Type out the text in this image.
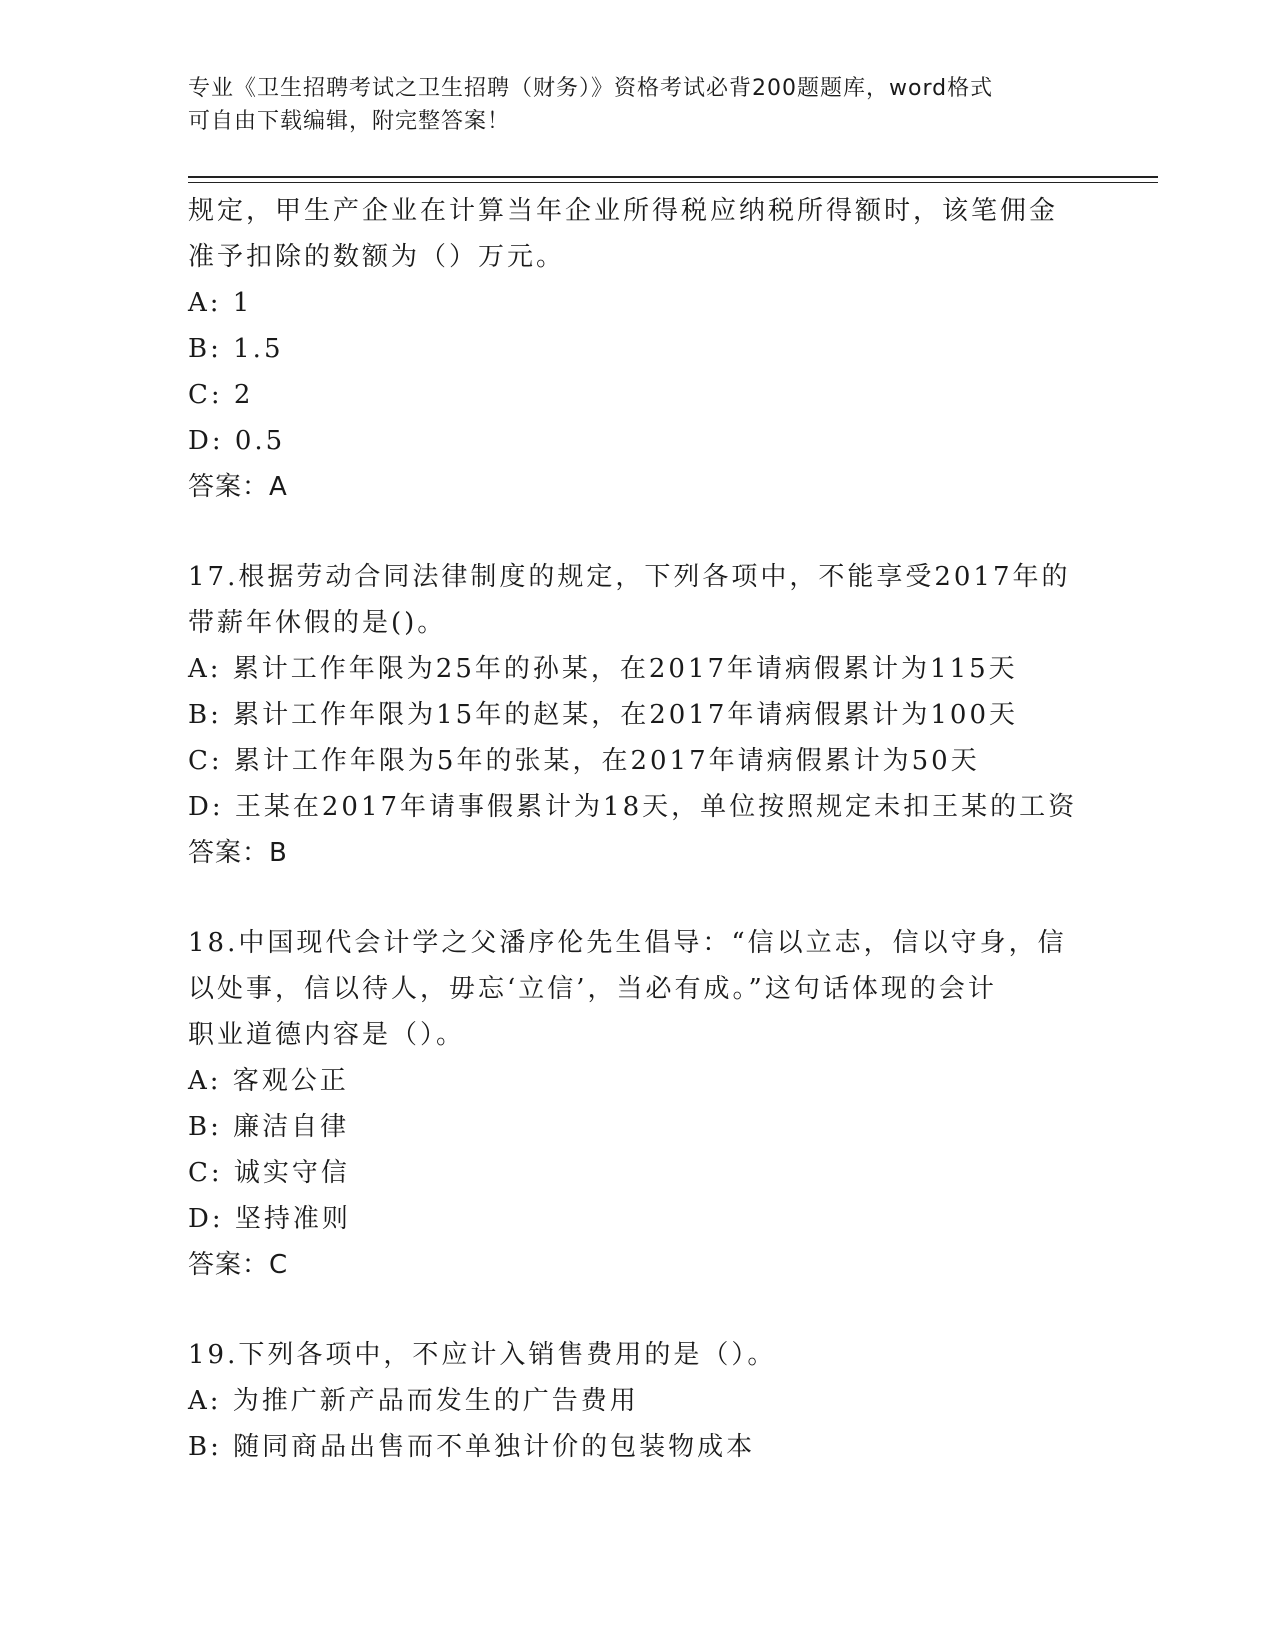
专业《卫生招聘考试之卫生招聘（财务）》资格考试必背200题题库，word格式
可自由下载编辑，附完整答案！
规定，甲生产企业在计算当年企业所得税应纳税所得额时，该笔佣金
准予扣除的数额为（）万元。
A: 1
B: 1.5
C: 2
D: 0.5
答案：A
17.根据劳动合同法律制度的规定，下列各项中，不能享受2017年的
带薪年休假的是()。
A: 累计工作年限为25年的孙某，在2017年请病假累计为115天
B: 累计工作年限为15年的赵某，在2017年请病假累计为100天
C: 累计工作年限为5年的张某，在2017年请病假累计为50天
D: 王某在2017年请事假累计为18天，单位按照规定未扣王某的工资
答案：B
18.中国现代会计学之父潘序伦先生倡导：“信以立志，信以守身，信
以处事，信以待人，毋忘‘立信’，当必有成。”这句话体现的会计
职业道德内容是（）。
A: 客观公正
B: 廉洁自律
C: 诚实守信
D: 坚持准则
答案：C
19.下列各项中，不应计入销售费用的是（）。
A: 为推广新产品而发生的广告费用
B: 随同商品出售而不单独计价的包装物成本
